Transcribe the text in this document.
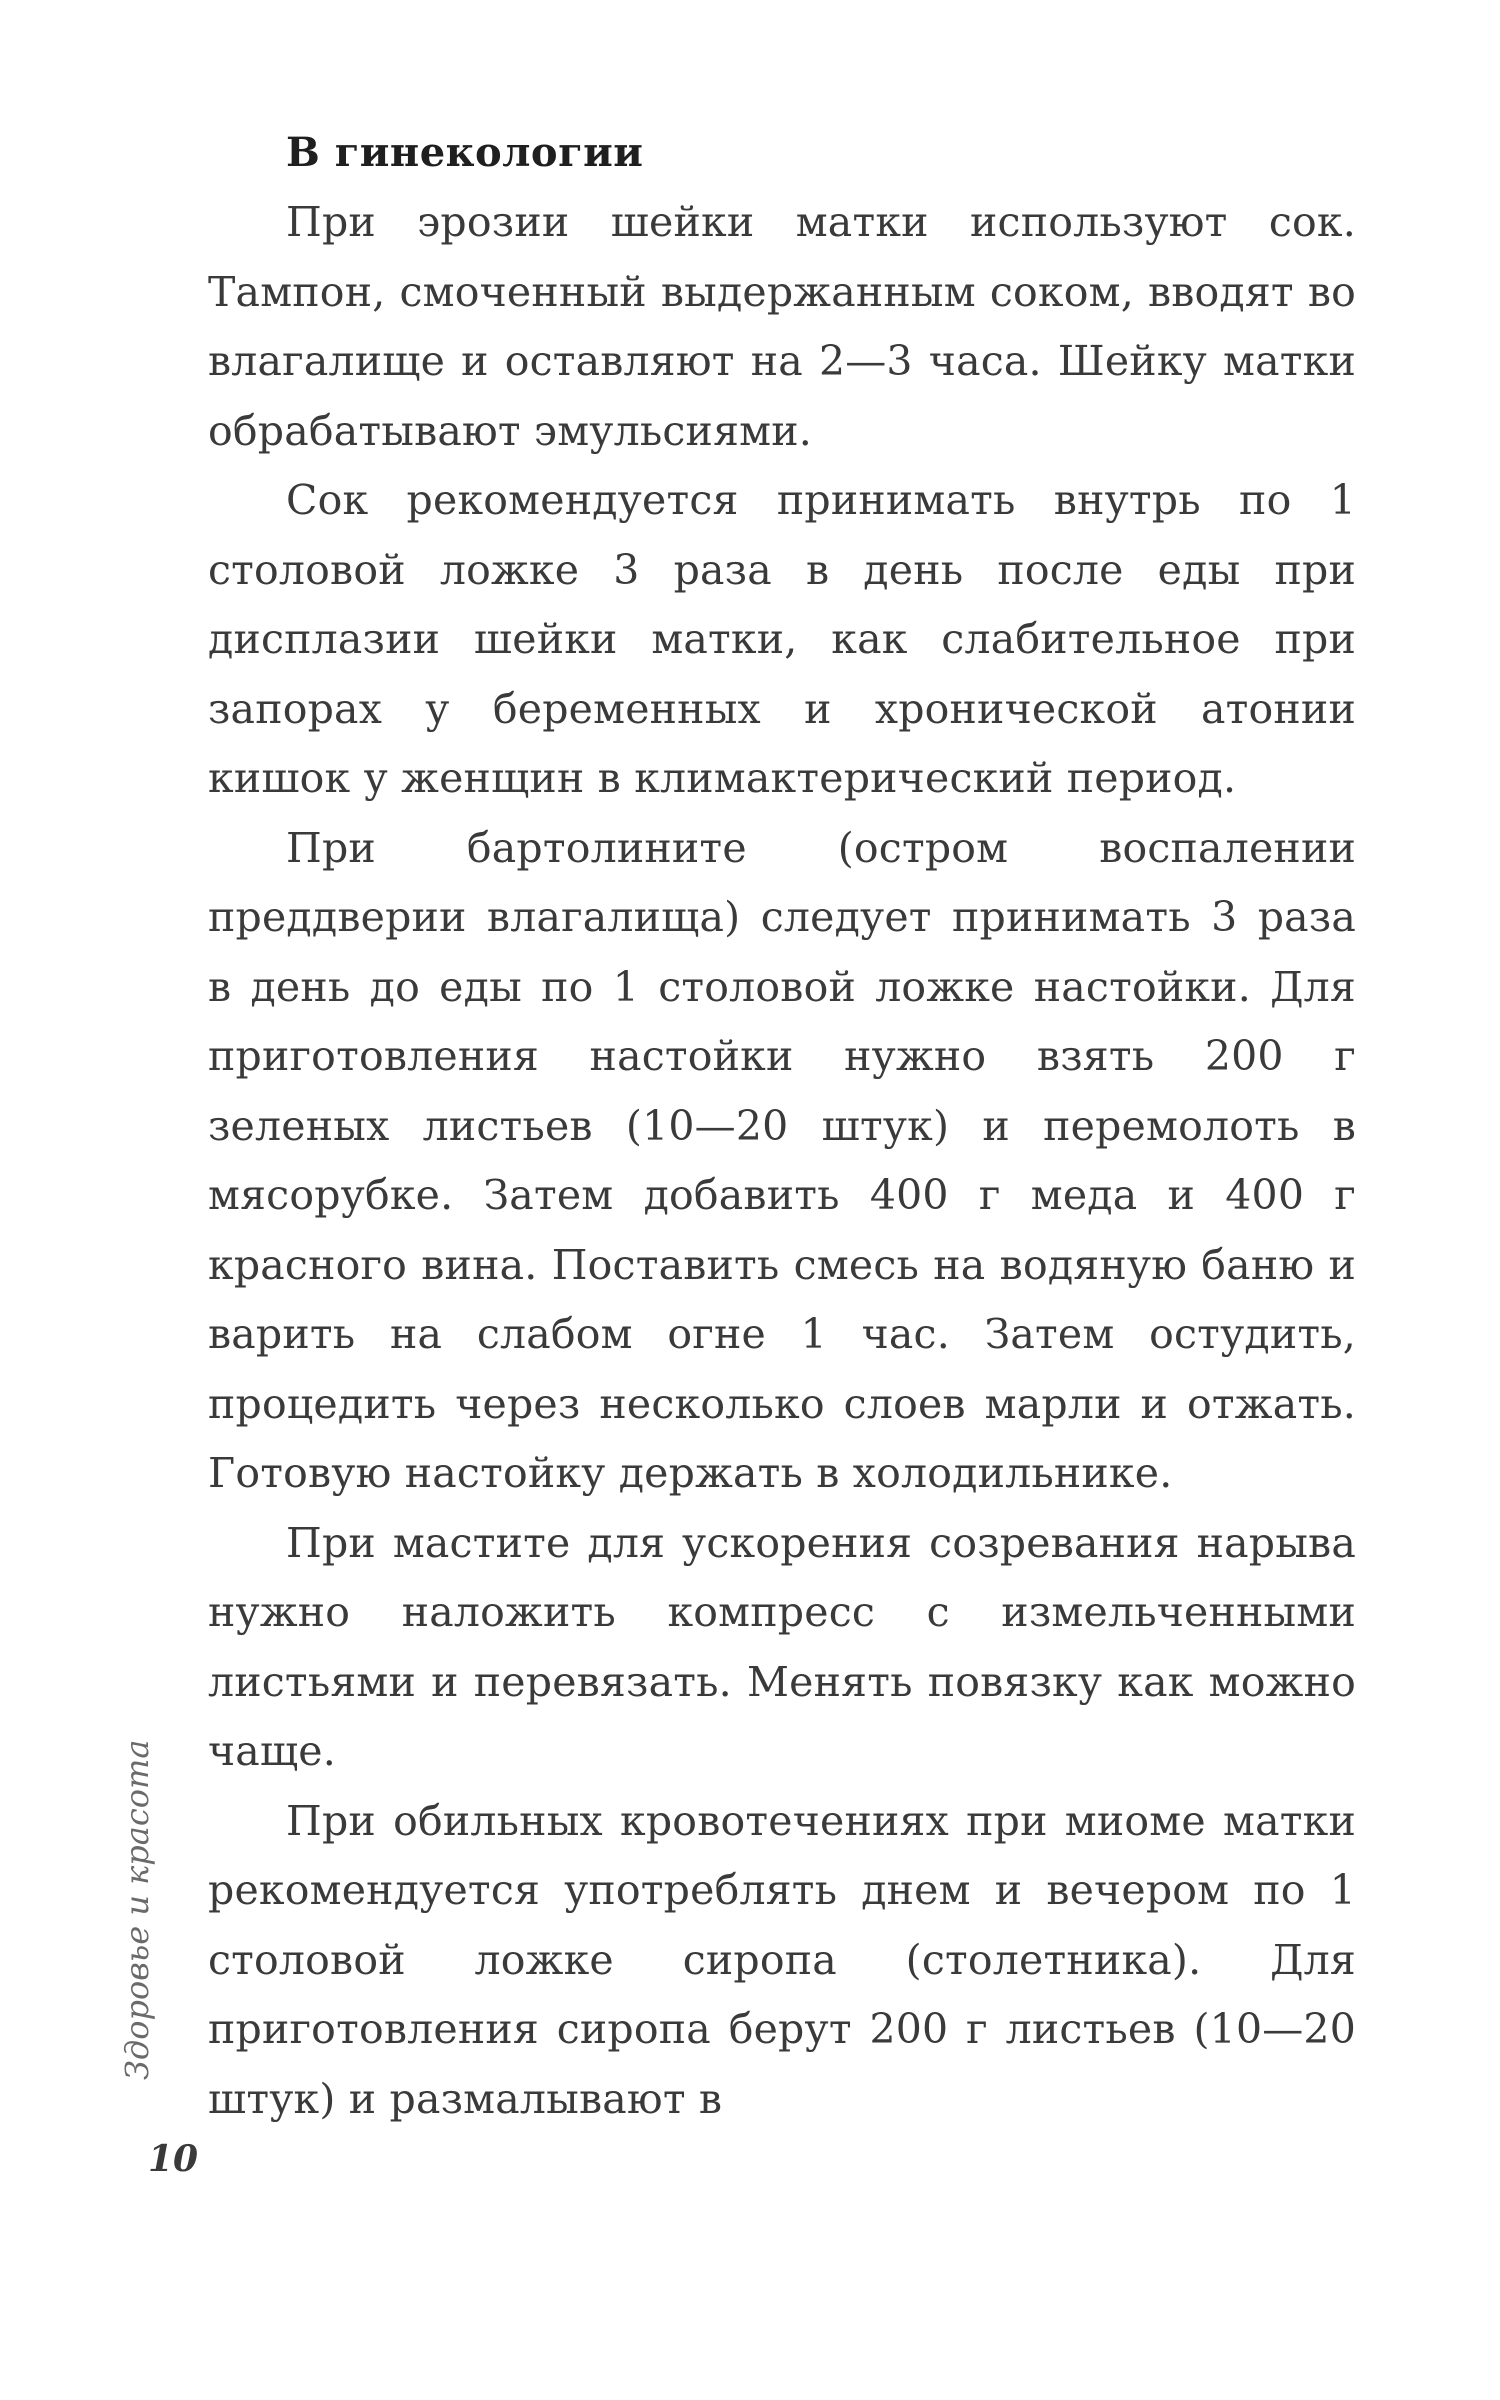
В гинекологии

При эрозии шейки матки используют сок. Тампон, смоченный выдержанным соком, вводят во влагалище и оставляют на 2—3 часа. Шейку матки обрабатывают эмульсиями.

Сок рекомендуется принимать внутрь по 1 столовой ложке 3 раза в день после еды при дисплазии шейки матки, как слабительное при запорах у беременных и хронической атонии кишок у женщин в климактерический период.

При бартолините (остром воспалении преддверии влагалища) следует принимать 3 раза в день до еды по 1 столовой ложке настойки. Для приготовления настойки нужно взять 200 г зеленых листьев (10—20 штук) и перемолоть в мясорубке. Затем добавить 400 г меда и 400 г красного вина. Поставить смесь на водяную баню и варить на слабом огне 1 час. Затем остудить, процедить через несколько слоев марли и отжать. Готовую настойку держать в холодильнике.

При мастите для ускорения созревания нарыва нужно наложить компресс с измельченными листьями и перевязать. Менять повязку как можно чаще.

При обильных кровотечениях при миоме матки рекомендуется употреблять днем и вечером по 1 столовой ложке сиропа (столетника). Для приготовления сиропа берут 200 г листьев (10—20 штук) и размалывают в

Здоровье и красота
10
